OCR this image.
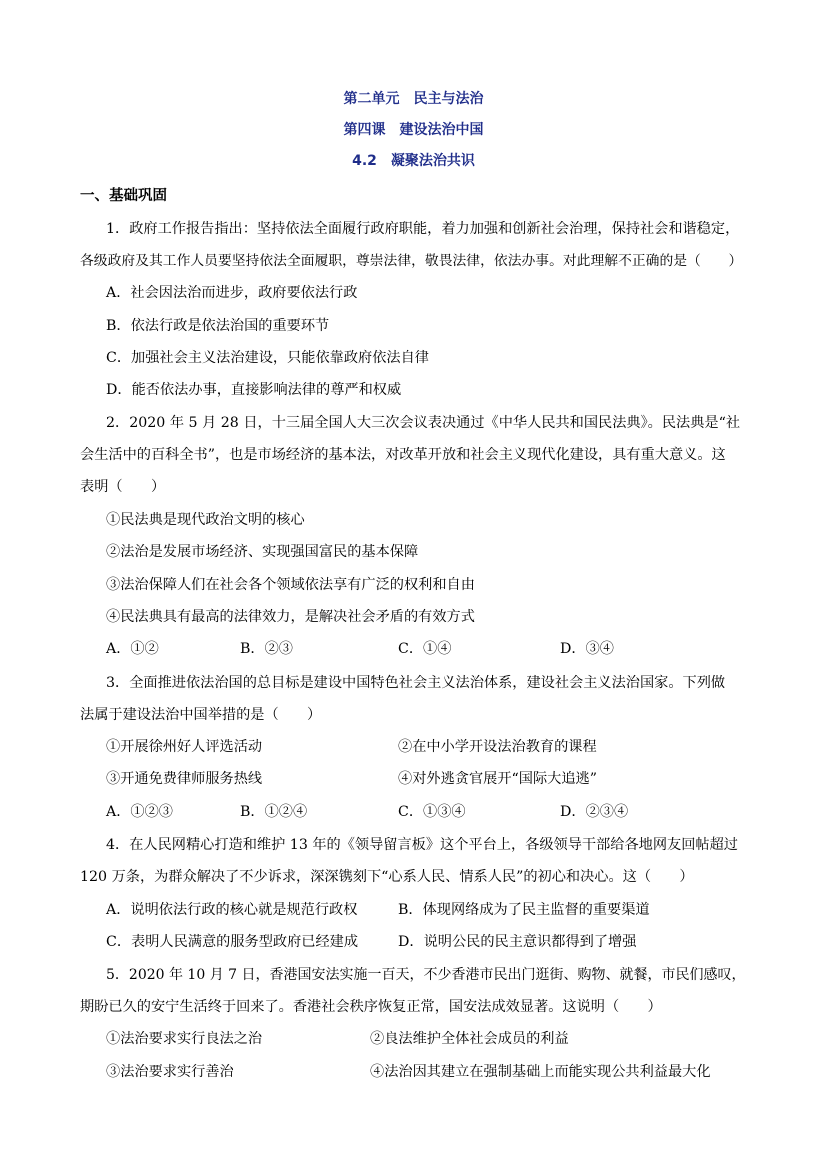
第二单元　民主与法治
第四课　建设法治中国
4.2　凝聚法治共识
一、基础巩固
1．政府工作报告指出：坚持依法全面履行政府职能，着力加强和创新社会治理，保持社会和谐稳定，
各级政府及其工作人员要坚持依法全面履职，尊崇法律，敬畏法律，依法办事。对此理解不正确的是（　　）
A．社会因法治而进步，政府要依法行政
B．依法行政是依法治国的重要环节
C．加强社会主义法治建设，只能依靠政府依法自律
D．能否依法办事，直接影响法律的尊严和权威
2．2020 年 5 月 28 日，十三届全国人大三次会议表决通过《中华人民共和国民法典》。民法典是“社
会生活中的百科全书”，也是市场经济的基本法，对改革开放和社会主义现代化建设，具有重大意义。这
表明（　　）
①民法典是现代政治文明的核心
②法治是发展市场经济、实现强国富民的基本保障
③法治保障人们在社会各个领域依法享有广泛的权利和自由
④民法典具有最高的法律效力，是解决社会矛盾的有效方式
A．①②	B．②③	C．①④	D．③④
3．全面推进依法治国的总目标是建设中国特色社会主义法治体系，建设社会主义法治国家。下列做
法属于建设法治中国举措的是（　　）
①开展徐州好人评选活动	②在中小学开设法治教育的课程
③开通免费律师服务热线	④对外逃贪官展开“国际大追逃”
A．①②③	B．①②④	C．①③④	D．②③④
4．在人民网精心打造和维护 13 年的《领导留言板》这个平台上，各级领导干部给各地网友回帖超过
120 万条，为群众解决了不少诉求，深深镌刻下“心系人民、情系人民”的初心和决心。这（　　）
A．说明依法行政的核心就是规范行政权	B．体现网络成为了民主监督的重要渠道
C．表明人民满意的服务型政府已经建成	D．说明公民的民主意识都得到了增强
5．2020 年 10 月 7 日，香港国安法实施一百天，不少香港市民出门逛街、购物、就餐，市民们感叹，
期盼已久的安宁生活终于回来了。香港社会秩序恢复正常，国安法成效显著。这说明（　　）
①法治要求实行良法之治	②良法维护全体社会成员的利益
③法治要求实行善治	④法治因其建立在强制基础上而能实现公共利益最大化
